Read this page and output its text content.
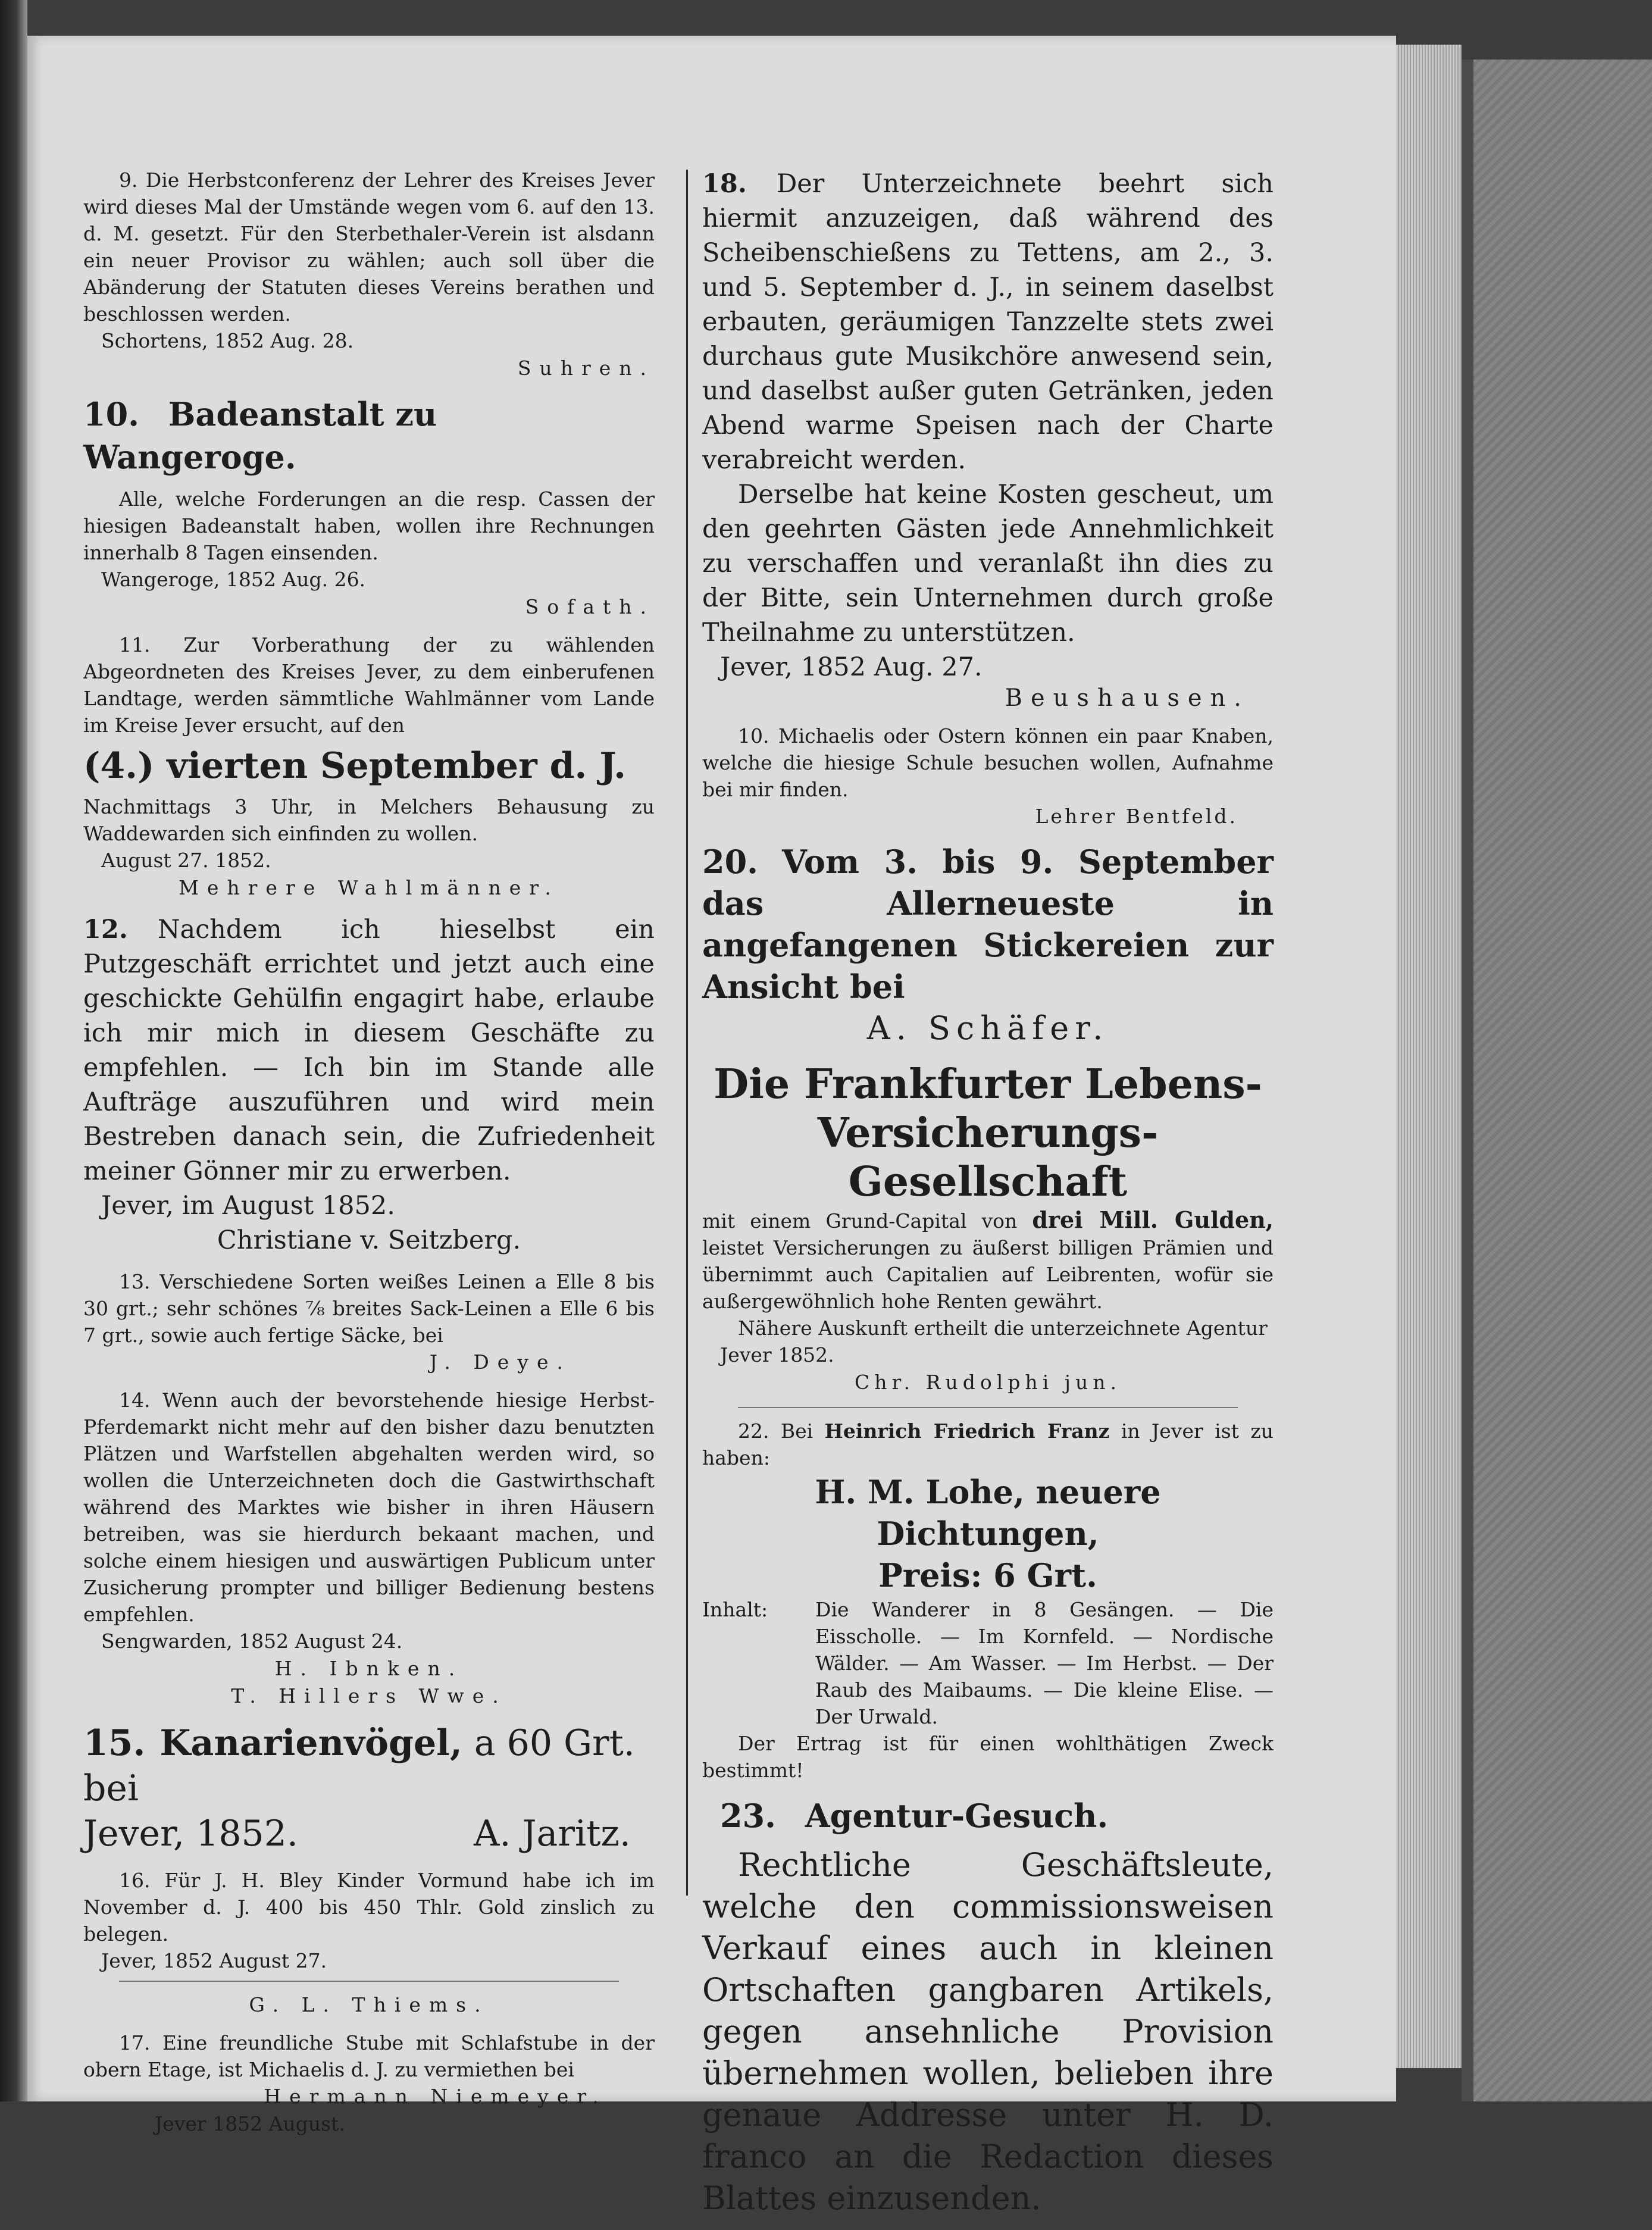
9. Die Herbstconferenz der Lehrer des Kreises Jever wird dieses Mal der Umstände wegen vom 6. auf den 13. d. M. gesetzt. Für den Sterbethaler-Verein ist alsdann ein neuer Provisor zu wählen; auch soll über die Abänderung der Statuten dieses Vereins berathen und beschlossen werden.

Schortens, 1852 Aug. 28.

Suhren.

10. Badeanstalt zu Wangeroge.

Alle, welche Forderungen an die resp. Cassen der hiesigen Badeanstalt haben, wollen ihre Rechnungen innerhalb 8 Tagen einsenden.

Wangeroge, 1852 Aug. 26.

Sofath.

11. Zur Vorberathung der zu wählenden Abgeordneten des Kreises Jever, zu dem einberufenen Landtage, werden sämmtliche Wahlmänner vom Lande im Kreise Jever ersucht, auf den

(4.) vierten September d. J.

Nachmittags 3 Uhr, in Melchers Behausung zu Waddewarden sich einfinden zu wollen.

August 27. 1852.

Mehrere Wahlmänner.

12. Nachdem ich hieselbst ein Putzgeschäft errichtet und jetzt auch eine geschickte Gehülfin engagirt habe, erlaube ich mir mich in diesem Geschäfte zu empfehlen. — Ich bin im Stande alle Aufträge auszuführen und wird mein Bestreben danach sein, die Zufriedenheit meiner Gönner mir zu erwerben.

Jever, im August 1852.

Christiane v. Seitzberg.

13. Verschiedene Sorten weißes Leinen a Elle 8 bis 30 grt.; sehr schönes ⅞ breites Sack-Leinen a Elle 6 bis 7 grt., sowie auch fertige Säcke, bei

J. Deye.

14. Wenn auch der bevorstehende hiesige Herbst-Pferdemarkt nicht mehr auf den bisher dazu benutzten Plätzen und Warfstellen abgehalten werden wird, so wollen die Unterzeichneten doch die Gastwirthschaft während des Marktes wie bisher in ihren Häusern betreiben, was sie hierdurch bekaant machen, und solche einem hiesigen und auswärtigen Publicum unter Zusicherung prompter und billiger Bedienung bestens empfehlen.

Sengwarden, 1852 August 24.

H. Ibnken.

T. Hillers Wwe.

15. Kanarienvögel, a 60 Grt. bei

Jever, 1852.	A. Jaritz.

16. Für J. H. Bley Kinder Vormund habe ich im November d. J. 400 bis 450 Thlr. Gold zinslich zu belegen.

Jever, 1852 August 27.

G. L. Thiems.

17. Eine freundliche Stube mit Schlafstube in der obern Etage, ist Michaelis d. J. zu vermiethen bei

Hermann Niemeyer.

Jever 1852 August.

18. Der Unterzeichnete beehrt sich hiermit anzuzeigen, daß während des Scheibenschießens zu Tettens, am 2., 3. und 5. September d. J., in seinem daselbst erbauten, geräumigen Tanzzelte stets zwei durchaus gute Musikchöre anwesend sein, und daselbst außer guten Getränken, jeden Abend warme Speisen nach der Charte verabreicht werden.

Derselbe hat keine Kosten gescheut, um den geehrten Gästen jede Annehmlichkeit zu verschaffen und veranlaßt ihn dies zu der Bitte, sein Unternehmen durch große Theilnahme zu unterstützen.

Jever, 1852 Aug. 27.

Beushausen.

10. Michaelis oder Ostern können ein paar Knaben, welche die hiesige Schule besuchen wollen, Aufnahme bei mir finden.

Lehrer Bentfeld.

20. Vom 3. bis 9. September das Allerneueste in angefangenen Stickereien zur Ansicht bei

A. Schäfer.

Die Frankfurter Lebens-

Versicherungs-Gesellschaft

mit einem Grund-Capital von drei Mill. Gulden, leistet Versicherungen zu äußerst billigen Prämien und übernimmt auch Capitalien auf Leibrenten, wofür sie außergewöhnlich hohe Renten gewährt.

Nähere Auskunft ertheilt die unterzeichnete Agentur

Jever 1852.

Chr. Rudolphi jun.

22. Bei Heinrich Friedrich Franz in Jever ist zu haben:

H. M. Lohe, neuere Dichtungen,

Preis: 6 Grt.

Inhalt:	Die Wanderer in 8 Gesängen. — Die Eisscholle. — Im Kornfeld. — Nordische Wälder. — Am Wasser. — Im Herbst. — Der Raub des Maibaums. — Die kleine Elise. — Der Urwald.

Der Ertrag ist für einen wohlthätigen Zweck bestimmt!

23. Agentur-Gesuch.

Rechtliche Geschäftsleute, welche den commissionsweisen Verkauf eines auch in kleinen Ortschaften gangbaren Artikels, gegen ansehnliche Provision übernehmen wollen, belieben ihre genaue Addresse unter H. D. franco an die Redaction dieses Blattes einzusenden.
